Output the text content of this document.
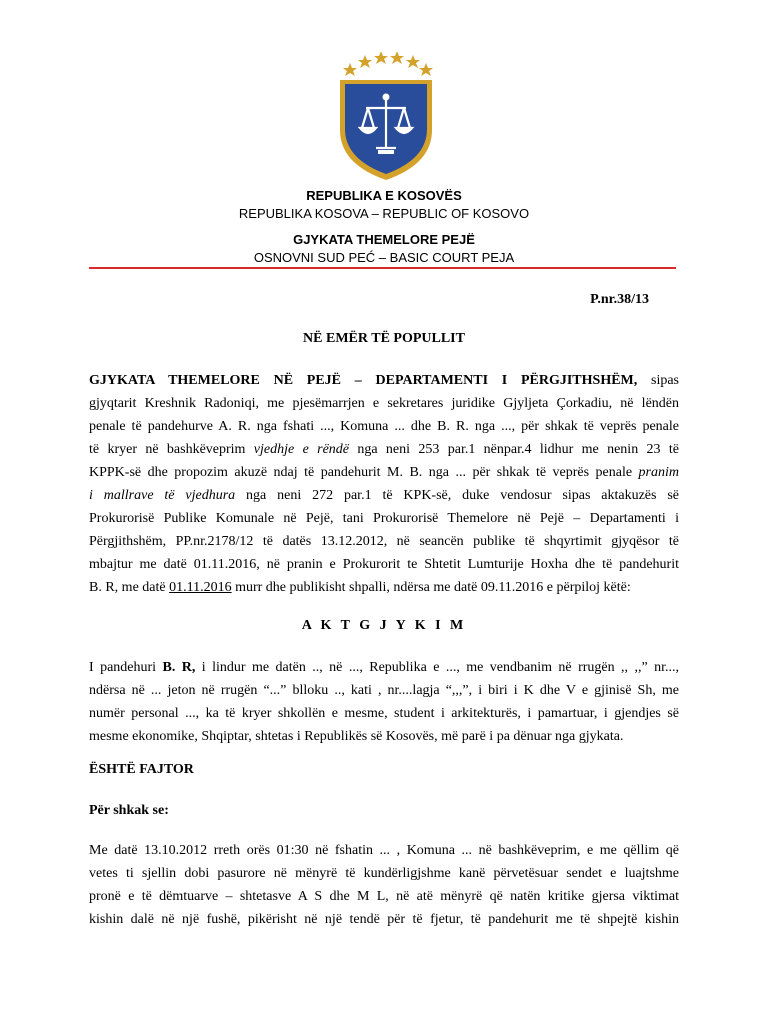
REPUBLIKA E KOSOVËS
REPUBLIKA KOSOVA – REPUBLIC OF KOSOVO
GJYKATA THEMELORE PEJË
OSNOVNI SUD PEĆ – BASIC COURT PEJA
P.nr.38/13
NË EMËR TË POPULLIT
GJYKATA THEMELORE NË PEJË – DEPARTAMENTI I PËRGJITHSHËM, sipas
gjyqtarit Kreshnik Radoniqi, me pjesëmarrjen e sekretares juridike Gjyljeta Çorkadiu, në lëndën
penale të pandehurve A. R. nga fshati ..., Komuna ... dhe B. R. nga ..., për shkak të veprës penale
të kryer në bashkëveprim vjedhje e rëndë nga neni 253 par.1 nënpar.4 lidhur me nenin 23 të
KPPK-së dhe propozim akuzë ndaj të pandehurit M. B. nga ... për shkak të veprës penale pranim
i mallrave të vjedhura nga neni 272 par.1 të KPK-së, duke vendosur sipas aktakuzës së
Prokurorisë Publike Komunale në Pejë, tani Prokurorisë Themelore në Pejë – Departamenti i
Përgjithshëm, PP.nr.2178/12 të datës 13.12.2012, në seancën publike të shqyrtimit gjyqësor të
mbajtur me datë 01.11.2016, në pranin e Prokurorit te Shtetit Lumturije Hoxha dhe të pandehurit
B. R, me datë 01.11.2016 murr dhe publikisht shpalli, ndërsa me datë 09.11.2016 e përpiloj këtë:
A K T G J Y K I M
I pandehuri B. R, i lindur me datën .., në ..., Republika e ..., me vendbanim në rrugën ,, ,,” nr...,
ndërsa në ... jeton në rrugën “...” blloku .., kati , nr....lagja “,,,”, i biri i K dhe V e gjinisë Sh, me
numër personal ..., ka të kryer shkollën e mesme, student i arkitekturës, i pamartuar, i gjendjes së
mesme ekonomike, Shqiptar, shtetas i Republikës së Kosovës, më parë i pa dënuar nga gjykata.
ËSHTË FAJTOR
Për shkak se:
Me datë 13.10.2012 rreth orës 01:30 në fshatin ... , Komuna ... në bashkëveprim, e me qëllim që
vetes ti sjellin dobi pasurore në mënyrë të kundërligjshme kanë përvetësuar sendet e luajtshme
pronë e të dëmtuarve – shtetasve A S dhe M L, në atë mënyrë që natën kritike gjersa viktimat
kishin dalë në një fushë, pikërisht në një tendë për të fjetur, të pandehurit me të shpejtë kishin
